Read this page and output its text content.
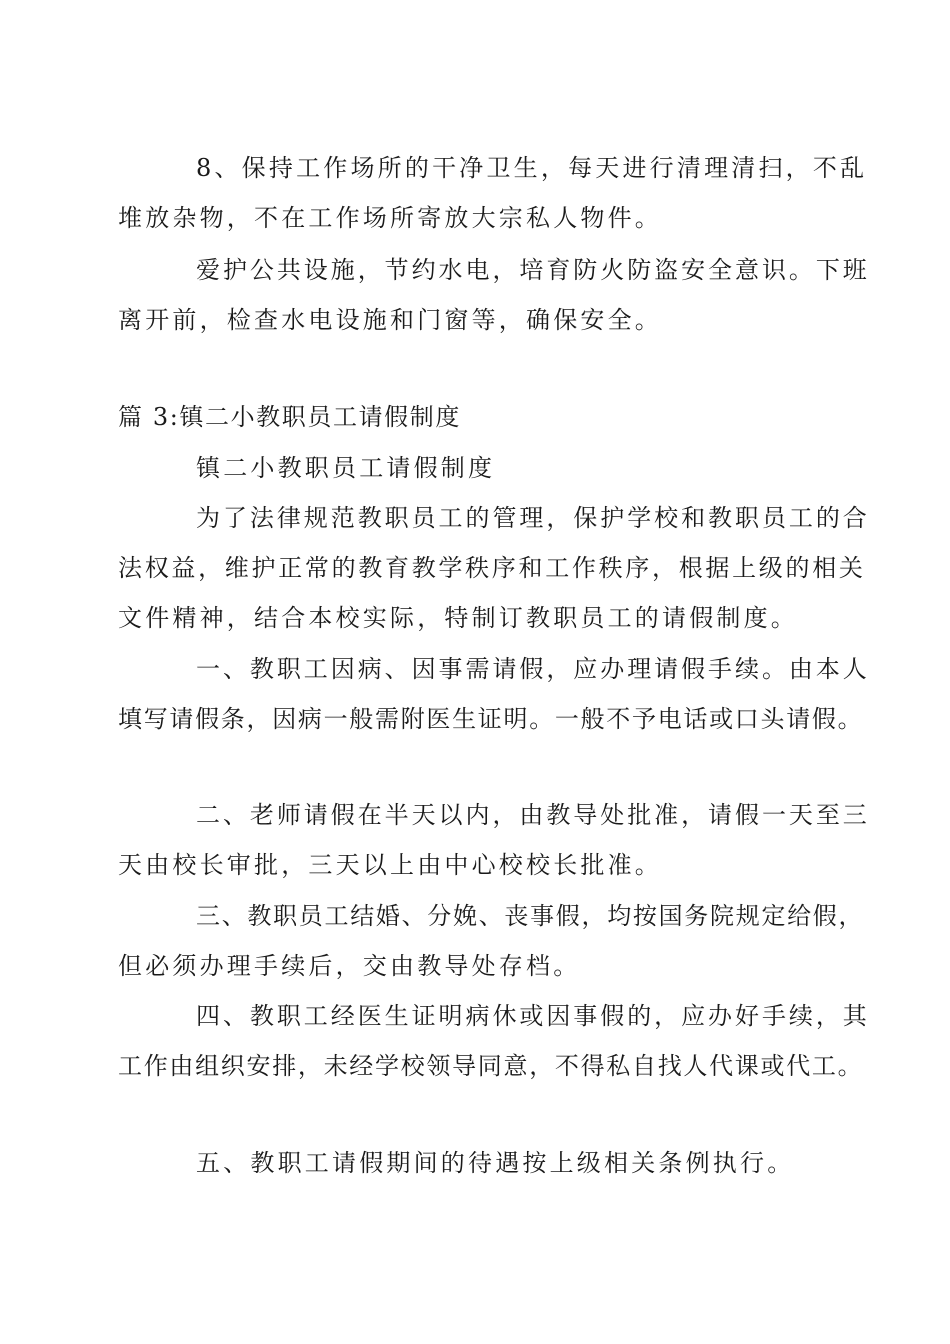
8、保持工作场所的干净卫生，每天进行清理清扫，不乱
堆放杂物，不在工作场所寄放大宗私人物件。
爱护公共设施，节约水电，培育防火防盗安全意识。下班
离开前，检查水电设施和门窗等，确保安全。
篇 3:镇二小教职员工请假制度
镇二小教职员工请假制度
为了法律规范教职员工的管理，保护学校和教职员工的合
法权益，维护正常的教育教学秩序和工作秩序，根据上级的相关
文件精神，结合本校实际，特制订教职员工的请假制度。
一、教职工因病、因事需请假，应办理请假手续。由本人
填写请假条，因病一般需附医生证明。一般不予电话或口头请假。
二、老师请假在半天以内，由教导处批准，请假一天至三
天由校长审批，三天以上由中心校校长批准。
三、教职员工结婚、分娩、丧事假，均按国务院规定给假，
但必须办理手续后，交由教导处存档。
四、教职工经医生证明病休或因事假的，应办好手续，其
工作由组织安排，未经学校领导同意，不得私自找人代课或代工。
五、教职工请假期间的待遇按上级相关条例执行。
